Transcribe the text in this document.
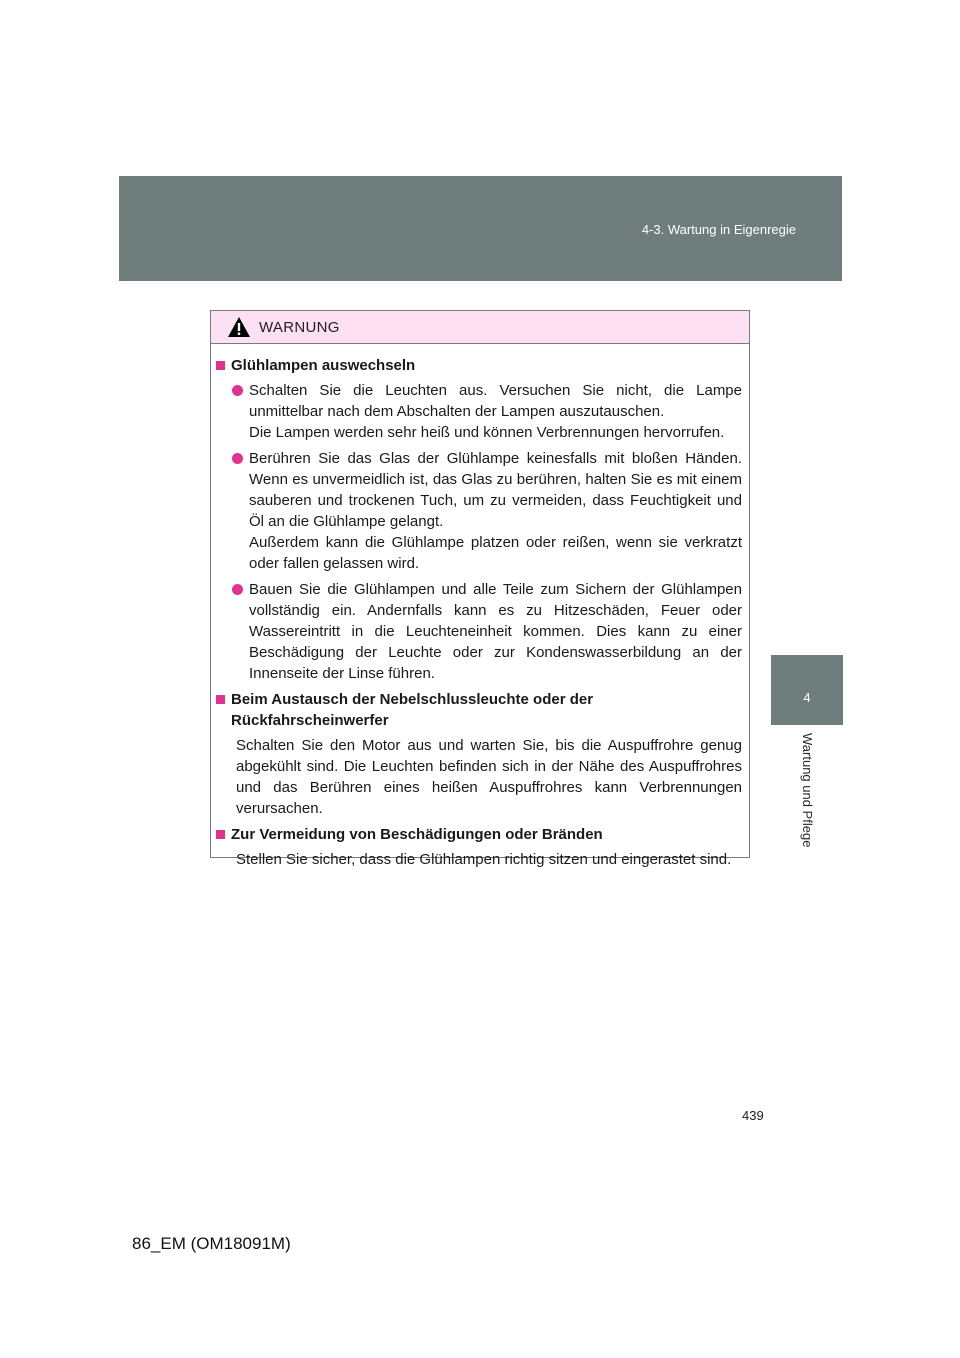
4-3. Wartung in Eigenregie
4
Wartung und Pflege
WARNUNG
Glühlampen auswechseln
Schalten Sie die Leuchten aus. Versuchen Sie nicht, die Lampe unmittelbar nach dem Abschalten der Lampen auszutauschen.
Die Lampen werden sehr heiß und können Verbrennungen hervorrufen.
Berühren Sie das Glas der Glühlampe keinesfalls mit bloßen Händen. Wenn es unvermeidlich ist, das Glas zu berühren, halten Sie es mit einem sauberen und trockenen Tuch, um zu vermeiden, dass Feuchtigkeit und Öl an die Glühlampe gelangt.
Außerdem kann die Glühlampe platzen oder reißen, wenn sie verkratzt oder fallen gelassen wird.
Bauen Sie die Glühlampen und alle Teile zum Sichern der Glühlampen vollständig ein. Andernfalls kann es zu Hitzeschäden, Feuer oder Wassereintritt in die Leuchteneinheit kommen. Dies kann zu einer Beschädigung der Leuchte oder zur Kondenswasserbildung an der Innenseite der Linse führen.
Beim Austausch der Nebelschlussleuchte oder der Rückfahrscheinwerfer
Schalten Sie den Motor aus und warten Sie, bis die Auspuffrohre genug abgekühlt sind. Die Leuchten befinden sich in der Nähe des Auspuffrohres und das Berühren eines heißen Auspuffrohres kann Verbrennungen verursachen.
Zur Vermeidung von Beschädigungen oder Bränden
Stellen Sie sicher, dass die Glühlampen richtig sitzen und eingerastet sind.
439
86_EM (OM18091M)
